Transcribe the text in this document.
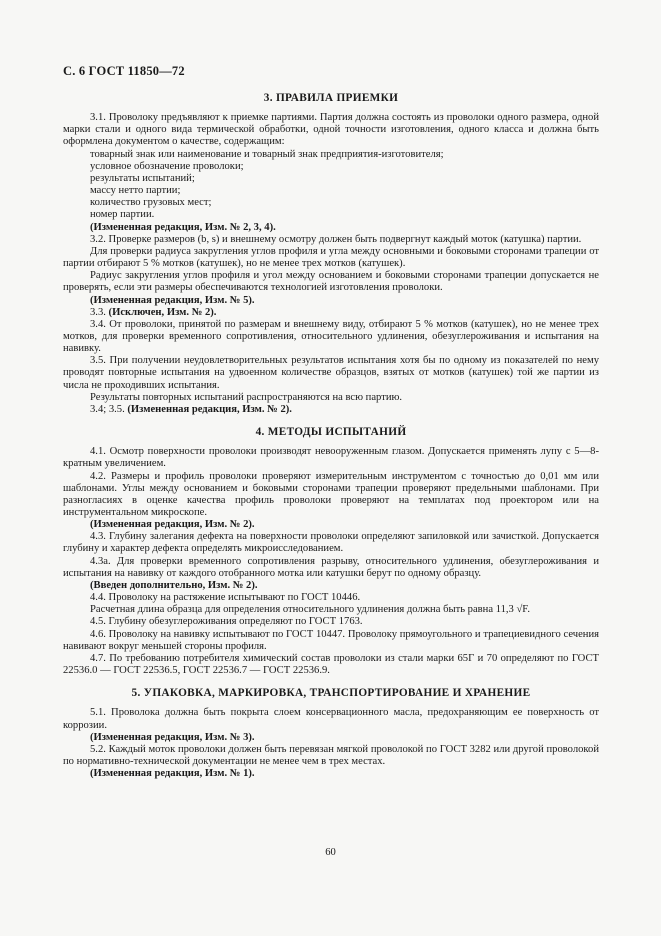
С. 6 ГОСТ 11850—72
3. ПРАВИЛА ПРИЕМКИ

3.1. Проволоку предъявляют к приемке партиями. Партия должна состоять из проволоки одного размера, одной марки стали и одного вида термической обработки, одной точности изготовления, одного класса и должна быть оформлена документом о качестве, содержащим:

товарный знак или наименование и товарный знак предприятия-изготовителя;

условное обозначение проволоки;

результаты испытаний;

массу нетто партии;

количество грузовых мест;

номер партии.

(Измененная редакция, Изм. № 2, 3, 4).

3.2. Проверке размеров (b, s) и внешнему осмотру должен быть подвергнут каждый моток (катушка) партии.

Для проверки радиуса закругления углов профиля и угла между основными и боковыми сторонами трапеции от партии отбирают 5 % мотков (катушек), но не менее трех мотков (катушек).

Радиус закругления углов профиля и угол между основанием и боковыми сторонами трапеции допускается не проверять, если эти размеры обеспечиваются технологией изготовления проволоки.

(Измененная редакция, Изм. № 5).

3.3. (Исключен, Изм. № 2).

3.4. От проволоки, принятой по размерам и внешнему виду, отбирают 5 % мотков (катушек), но не менее трех мотков, для проверки временного сопротивления, относительного удлинения, обезуглероживания и испытания на навивку.

3.5. При получении неудовлетворительных результатов испытания хотя бы по одному из показателей по нему проводят повторные испытания на удвоенном количестве образцов, взятых от мотков (катушек) той же партии из числа не проходивших испытания.

Результаты повторных испытаний распространяются на всю партию.

3.4; 3.5. (Измененная редакция, Изм. № 2).

4. МЕТОДЫ ИСПЫТАНИЙ

4.1. Осмотр поверхности проволоки производят невооруженным глазом. Допускается применять лупу с 5—8-кратным увеличением.

4.2. Размеры и профиль проволоки проверяют измерительным инструментом с точностью до 0,01 мм или шаблонами. Углы между основанием и боковыми сторонами трапеции проверяют предельными шаблонами. При разногласиях в оценке качества профиль проволоки проверяют на темплатах под проектором или на инструментальном микроскопе.

(Измененная редакция, Изм. № 2).

4.3. Глубину залегания дефекта на поверхности проволоки определяют запиловкой или зачисткой. Допускается глубину и характер дефекта определять микроисследованием.

4.3а. Для проверки временного сопротивления разрыву, относительного удлинения, обезуглероживания и испытания на навивку от каждого отобранного мотка или катушки берут по одному образцу.

(Введен дополнительно, Изм. № 2).

4.4. Проволоку на растяжение испытывают по ГОСТ 10446.

Расчетная длина образца для определения относительного удлинения должна быть равна 11,3 √F.

4.5. Глубину обезуглероживания определяют по ГОСТ 1763.

4.6. Проволоку на навивку испытывают по ГОСТ 10447. Проволоку прямоугольного и трапециевидного сечения навивают вокруг меньшей стороны профиля.

4.7. По требованию потребителя химический состав проволоки из стали марки 65Г и 70 определяют по ГОСТ 22536.0 — ГОСТ 22536.5, ГОСТ 22536.7 — ГОСТ 22536.9.

5. УПАКОВКА, МАРКИРОВКА, ТРАНСПОРТИРОВАНИЕ И ХРАНЕНИЕ

5.1. Проволока должна быть покрыта слоем консервационного масла, предохраняющим ее поверхность от коррозии.

(Измененная редакция, Изм. № 3).

5.2. Каждый моток проволоки должен быть перевязан мягкой проволокой по ГОСТ 3282 или другой проволокой по нормативно-технической документации не менее чем в трех местах.

(Измененная редакция, Изм. № 1).

60
